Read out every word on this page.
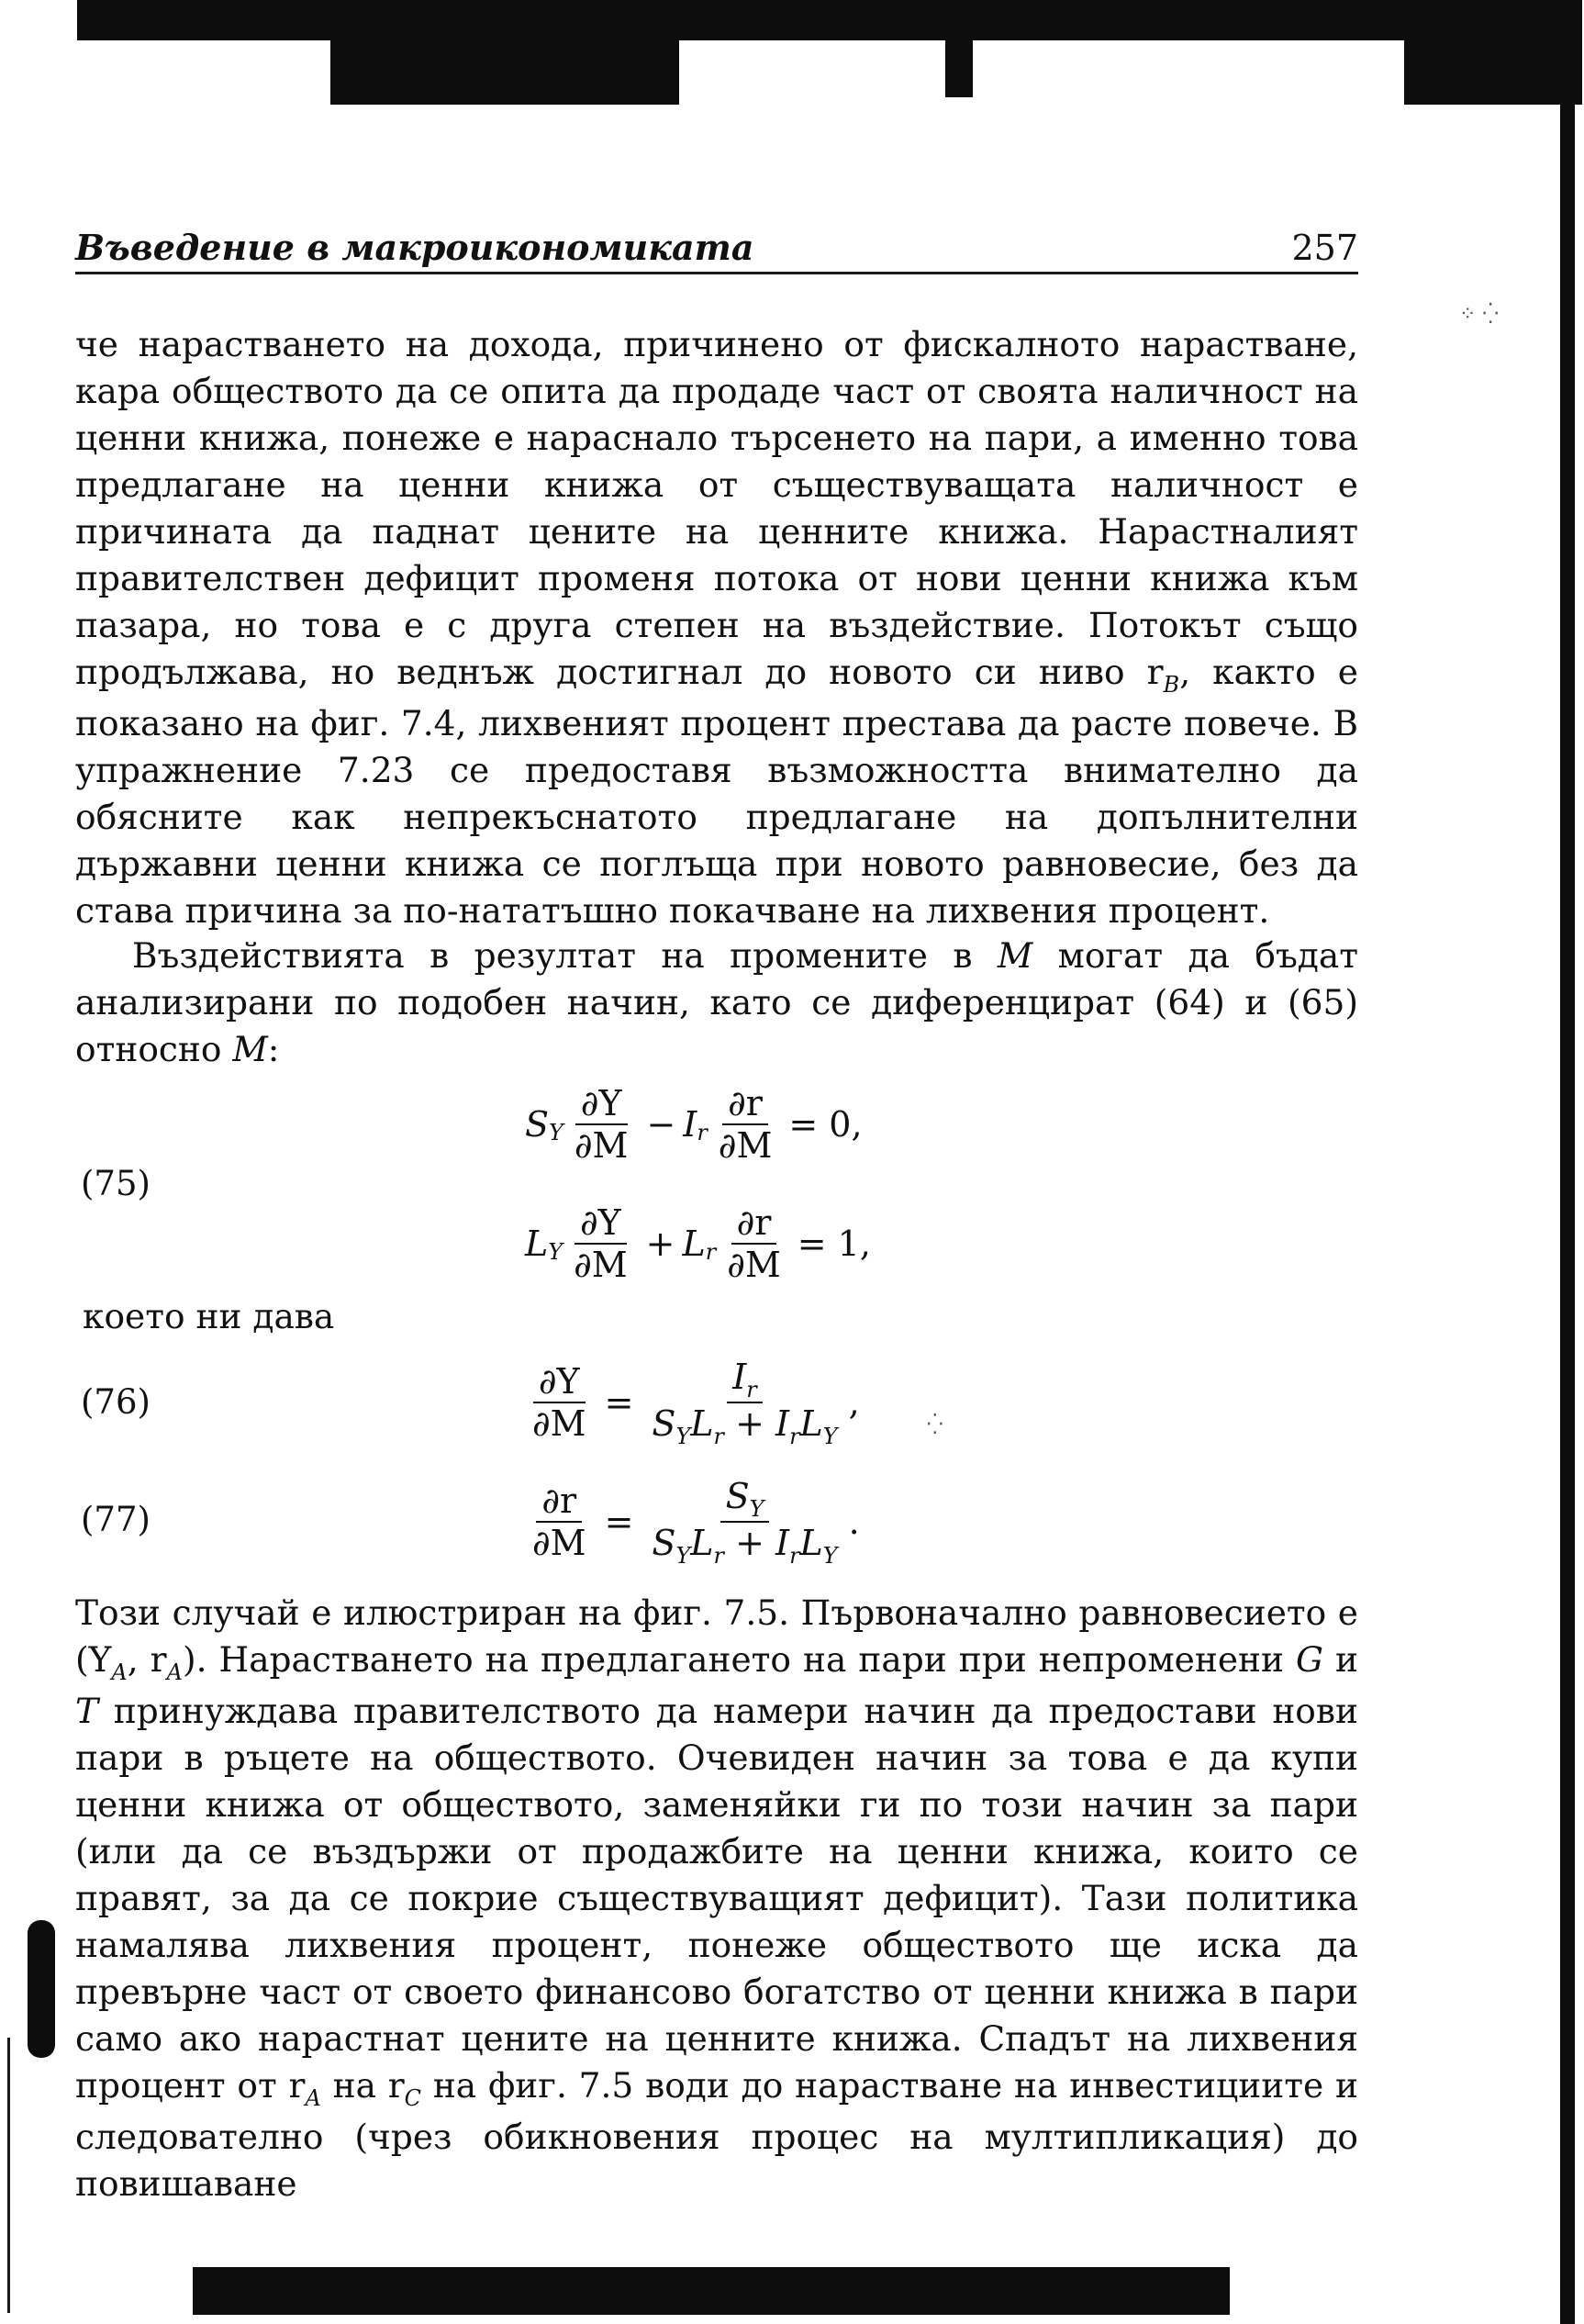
⁘ ⁛
⁛
Въведение в макроикономиката	257

че нарастването на дохода, причинено от фискалното нарастване, кара обществото да се опита да продаде част от своята наличност на ценни книжа, понеже е нараснало търсенето на пари, а именно това предлагане на ценни книжа от съществуващата наличност е причината да паднат цените на ценните книжа. Нарастналият правителствен дефицит променя потока от нови ценни книжа към пазара, но това е с друга степен на въздействие. Потокът също продължава, но веднъж достигнал до новото си ниво $r_B$, както е показано на фиг. 7.4, лихвеният процент престава да расте повече. В упражнение 7.23 се предоставя възможността внимателно да обясните как непрекъснатото предлагане на допълнителни държавни ценни книжа се поглъща при новото равновесие, без да става причина за по-нататъшно покачване на лихвения процент.

Въздействията в резултат на промените в M могат да бъдат анализирани по подобен начин, като се диференцират (64) и (65) относно M:

(75)
(76)
(77)
S Y $\frac{\partial Y}{\partial M} - I$ r $\frac{\partial r}{\partial M} = 0$,
L Y $\frac{\partial Y}{\partial M} + L$ r $\frac{\partial r}{\partial M} = 1$,

което ни дава

$\frac{\partial Y}{\partial M} = \frac{I_r}{S_YL_r + I_rL_Y}$ ,
$\frac{\partial r}{\partial M} = \frac{S_Y}{S_YL_r + I_rL_Y}$ .

Този случай е илюстриран на фиг. 7.5. Първоначално равновесието е ($Y_A$, $r_A$). Нарастването на предлагането на пари при непроменени G и T принуждава правителството да намери начин да предостави нови пари в ръцете на обществото. Очевиден начин за това е да купи ценни книжа от обществото, заменяйки ги по този начин за пари (или да се въздържи от продажбите на ценни книжа, които се правят, за да се покрие съществуващият дефицит). Тази политика намалява лихвения процент, понеже обществото ще иска да превърне част от своето финансово богатство от ценни книжа в пари само ако нарастнат цените на ценните книжа. Спадът на лихвения процент от $r_A$ на $r_C$ на фиг. 7.5 води до нарастване на инвестициите и следователно (чрез обикновения процес на мултипликация) до повишаване
